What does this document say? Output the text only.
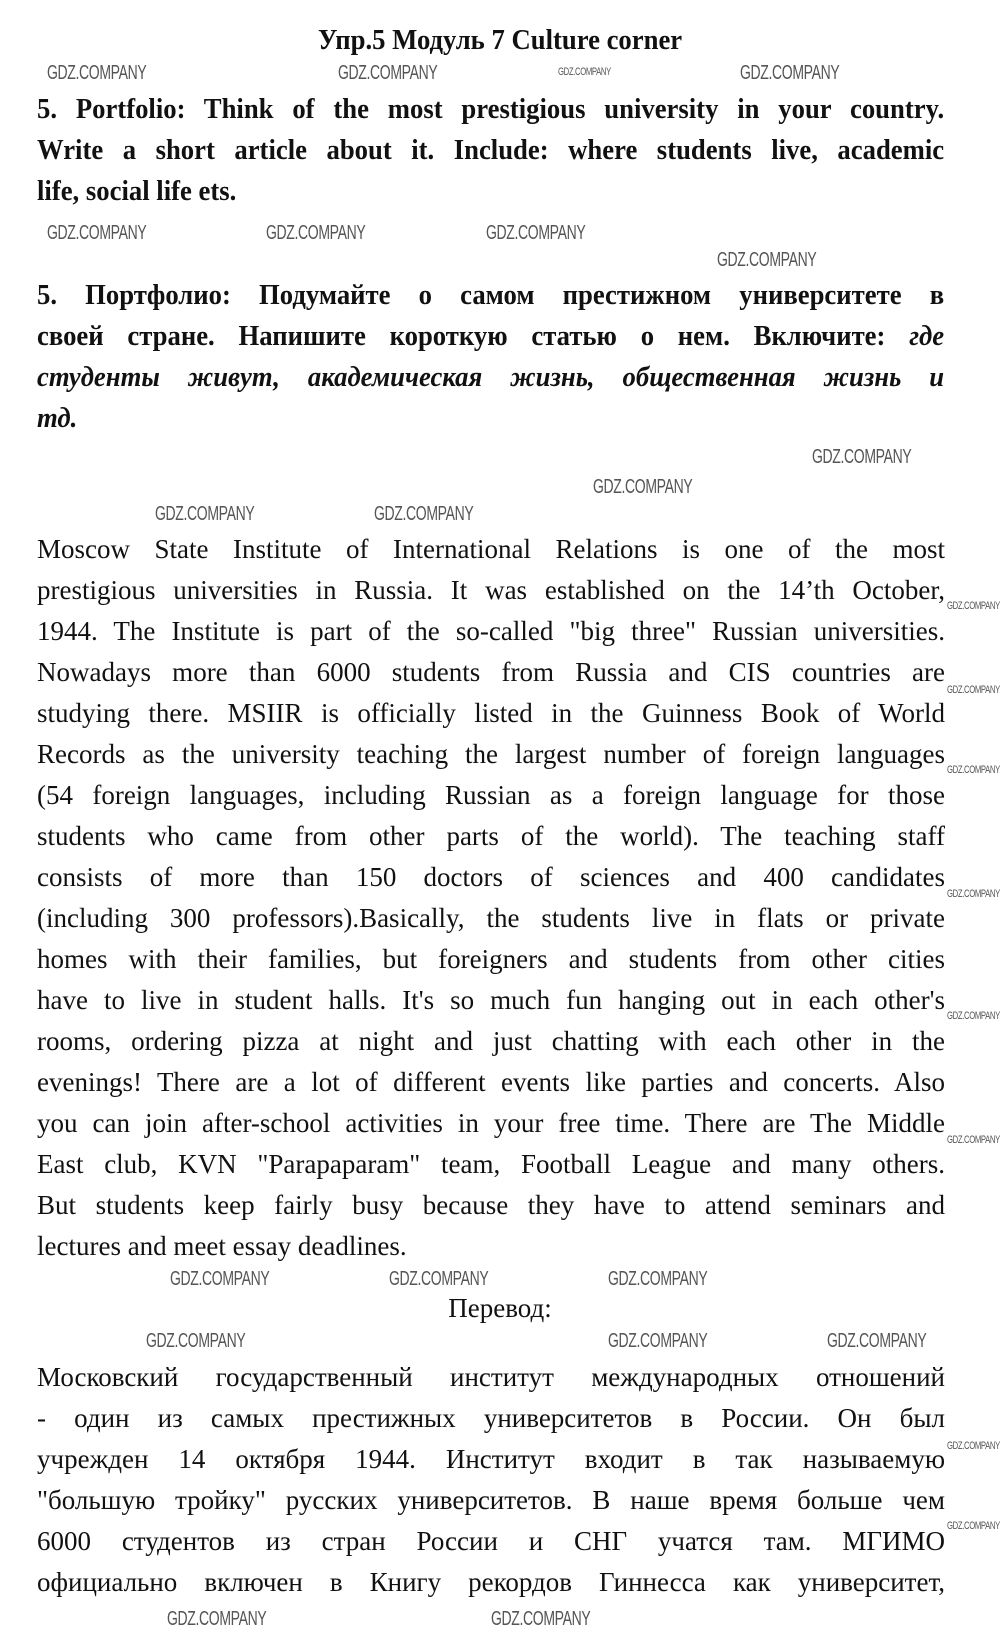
Упр.5 Модуль 7 Culture corner
5. Portfolio: Think of the most prestigious university in your country.
Write a short article about it. Include: where students live, academic
life, social life ets.
5. Портфолио: Подумайте о самом престижном университете в
своей стране. Напишите короткую статью о нем. Включите: где
студенты живут, академическая жизнь, общественная жизнь и
тд.
Moscow State Institute of International Relations is one of the most
prestigious universities in Russia. It was established on the 14’th October,
1944. The Institute is part of the so-called "big three" Russian universities.
Nowadays more than 6000 students from Russia and CIS countries are
studying there. MSIIR is officially listed in the Guinness Book of World
Records as the university teaching the largest number of foreign languages
(54 foreign languages, including Russian as a foreign language for those
students who came from other parts of the world). The teaching staff
consists of more than 150 doctors of sciences and 400 candidates
(including 300 professors).Basically, the students live in flats or private
homes with their families, but foreigners and students from other cities
have to live in student halls. It's so much fun hanging out in each other's
rooms, ordering pizza at night and just chatting with each other in the
evenings! There are a lot of different events like parties and concerts. Also
you can join after-school activities in your free time. There are The Middle
East club, KVN "Parapaparam" team, Football League and many others.
But students keep fairly busy because they have to attend seminars and
lectures and meet essay deadlines.
Перевод:
Московский государственный институт международных отношений
- один из самых престижных университетов в России. Он был
учрежден 14 октября 1944. Институт входит в так называемую
"большую тройку" русских университетов. В наше время больше чем
6000 студентов из стран России и СНГ учатся там. МГИМО
официально включен в Книгу рекордов Гиннесса как университет,
GDZ.COMPANY	GDZ.COMPANY	GDZ.COMPANY	GDZ.COMPANY
GDZ.COMPANY	GDZ.COMPANY	GDZ.COMPANY
GDZ.COMPANY
GDZ.COMPANY
GDZ.COMPANY
GDZ.COMPANY	GDZ.COMPANY
GDZ.COMPANY
GDZ.COMPANY
GDZ.COMPANY
GDZ.COMPANY
GDZ.COMPANY
GDZ.COMPANY
GDZ.COMPANY	GDZ.COMPANY	GDZ.COMPANY
GDZ.COMPANY	GDZ.COMPANY	GDZ.COMPANY
GDZ.COMPANY
GDZ.COMPANY
GDZ.COMPANY	GDZ.COMPANY
